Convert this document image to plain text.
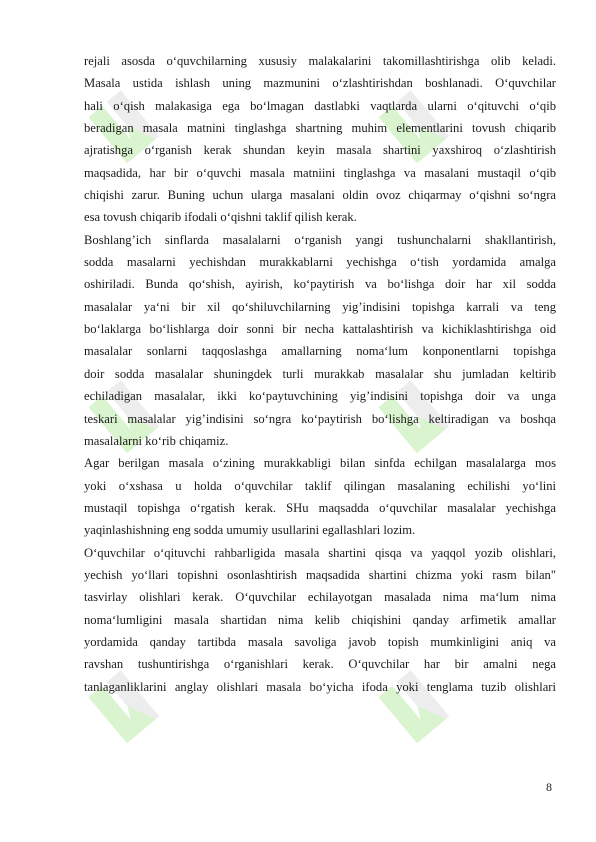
rejali asosda o‘quvchilarning xususiy malakalarini takomillashtirishga olib keladi.
Masala ustida ishlash uning mazmunini o‘zlashtirishdan boshlanadi. O‘quvchilar
hali o‘qish malakasiga ega bo‘lmagan dastlabki vaqtlarda ularni o‘qituvchi o‘qib
beradigan masala matnini tinglashga shartning muhim elementlarini tovush chiqarib
ajratishga o‘rganish kerak shundan keyin masala shartini yaxshiroq o‘zlashtirish
maqsadida, har bir o‘quvchi masala matniini tinglashga va masalani mustaqil o‘qib
chiqishi zarur. Buning uchun ularga masalani oldin ovoz chiqarmay o‘qishni so‘ngra
esa tovush chiqarib ifodali o‘qishni taklif qilish kerak.
Boshlang’ich sinflarda masalalarni o‘rganish yangi tushunchalarni shakllantirish,
sodda masalarni yechishdan murakkablarni yechishga o‘tish yordamida amalga
oshiriladi. Bunda qo‘shish, ayirish, ko‘paytirish va bo‘lishga doir har xil sodda
masalalar ya‘ni bir xil qo‘shiluvchilarning yig’indisini topishga karrali va teng
bo‘laklarga bo‘lishlarga doir sonni bir necha kattalashtirish va kichiklashtirishga oid
masalalar sonlarni taqqoslashga amallarning noma‘lum konponentlarni topishga
doir sodda masalalar shuningdek turli murakkab masalalar shu jumladan keltirib
echiladigan masalalar, ikki ko‘paytuvchining yig’indisini topishga doir va unga
teskari masalalar yig’indisini so‘ngra ko‘paytirish bo‘lishga keltiradigan va boshqa
masalalarni ko‘rib chiqamiz.
Agar berilgan masala o‘zining murakkabligi bilan sinfda echilgan masalalarga mos
yoki o‘xshasa u holda o‘quvchilar taklif qilingan masalaning echilishi yo‘lini
mustaqil topishga o‘rgatish kerak. SHu maqsadda o‘quvchilar masalalar yechishga
yaqinlashishning eng sodda umumiy usullarini egallashlari lozim.
O‘quvchilar o‘qituvchi rahbarligida masala shartini qisqa va yaqqol yozib olishlari,
yechish yo‘llari topishni osonlashtirish maqsadida shartini chizma yoki rasm bilan"
tasvirlay olishlari kerak. O‘quvchilar echilayotgan masalada nima ma‘lum nima
noma‘lumligini masala shartidan nima kelib chiqishini qanday arfimetik amallar
yordamida qanday tartibda masala savoliga javob topish mumkinligini aniq va
ravshan tushuntirishga o‘rganishlari kerak. O‘quvchilar har bir amalni nega
tanlaganliklarini anglay olishlari masala bo‘yicha ifoda yoki tenglama tuzib olishlari
8
